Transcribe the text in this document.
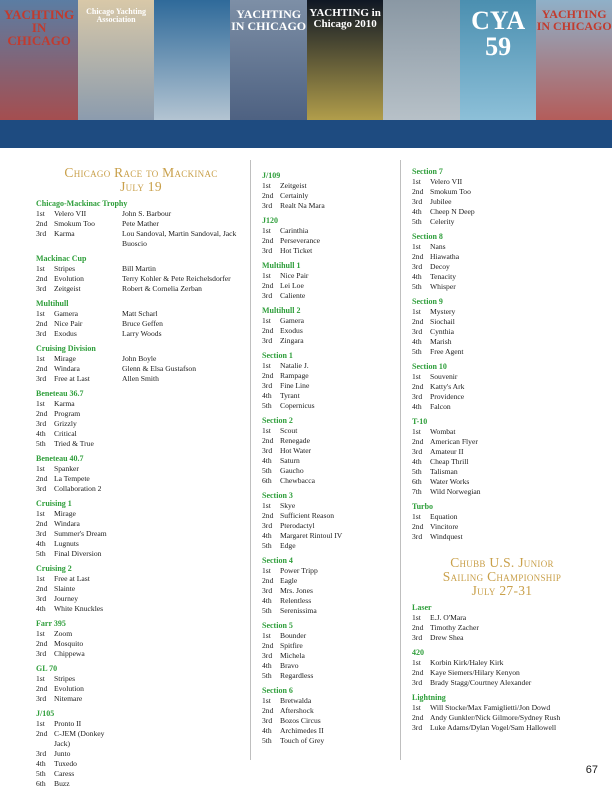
YACHTING IN CHICAGO
Chicago Yachting Association	YACHTING IN CHICAGO
YACHTING in Chicago 2010	CYA 59
YACHTING IN CHICAGO
Chicago Race to Mackinac
July 19
Chicago-Mackinac Trophy
1st	Velero VII	John S. Barbour
2nd Smokum Too	Pete Mather
3rd	Karma	Lou Sandoval, Martin Sandoval, Jack Buoscio
Mackinac Cup
1st	Stripes	Bill Martin
2nd Evolution	Terry Kohler & Pete Reichelsdorfer
3rd	Zeitgeist	Robert & Cornelia Zerban
Multihull
1st	Gamera	Matt Scharl
2nd Nice Pair	Bruce Geffen
3rd	Exodus	Larry Woods
Cruising Division
1st	Mirage	John Boyle
2nd Windara	Glenn & Elsa Gustafson
3rd	Free at Last	Allen Smith
Beneteau 36.7
1st	Karma
2nd Program
3rd	Grizzly
4th	Critical
5th	Tried & True
Beneteau 40.7
1st	Spanker
2nd La Tempete
3rd	Collaboration 2
Cruising 1
1st	Mirage
2nd Windara
3rd	Summer's Dream
4th	Lugnuts
5th	Final Diversion
Cruising 2
1st	Free at Last
2nd Slainte
3rd	Journey
4th	White Knuckles
Farr 395
1st	Zoom
2nd Mosquito
3rd	Chippewa
GL 70
1st	Stripes
2nd Evolution
3rd	Nitemare
J/105
1st	Pronto II
2nd C-JEM (Donkey Jack)
3rd	Junto
4th	Tuxedo
5th	Caress
6th	Buzz
J/109
1st	Zeitgeist
2nd Certainly
3rd	Realt Na Mara
J120
1st	Carinthia
2nd Perseverance
3rd	Hot Ticket
Multihull 1
1st	Nice Pair
2nd Lei Loe
3rd	Caliente
Multihull 2
1st	Gamera
2nd Exodus
3rd	Zingara
Section 1
1st	Natalie J.
2nd Rampage
3rd	Fine Line
4th	Tyrant
5th	Copernicus
Section 2
1st	Scout
2nd Renegade
3rd	Hot Water
4th	Saturn
5th	Gaucho
6th	Chewbacca
Section 3
1st	Skye
2nd Sufficient Reason
3rd	Pterodactyl
4th	Margaret Rintoul IV
5th	Edge
Section 4
1st	Power Tripp
2nd Eagle
3rd	Mrs. Jones
4th	Relentless
5th	Serenissima
Section 5
1st	Bounder
2nd Spitfire
3rd	Michela
4th	Bravo
5th	Regardless
Section 6
1st	Bretwalda
2nd Aftershock
3rd	Bozos Circus
4th	Archimedes II
5th	Touch of Grey
Section 7
1st	Velero VII
2nd Smokum Too
3rd	Jubilee
4th	Cheep N Deep
5th	Celerity
Section 8
1st	Nans
2nd Hiawatha
3rd	Decoy
4th	Tenacity
5th	Whisper
Section 9
1st	Mystery
2nd Siochail
3rd	Cynthia
4th	Marish
5th	Free Agent
Section 10
1st	Souvenir
2nd Katty's Ark
3rd	Providence
4th	Falcon
T-10
1st	Wombat
2nd American Flyer
3rd	Amateur II
4th	Cheap Thrill
5th	Talisman
6th	Water Works
7th	Wild Norwegian
Turbo
1st	Equation
2nd Vincitore
3rd	Windquest
Chubb U.S. Junior
Sailing Championship
July 27-31
Laser
1st	E.J. O'Mara
2nd Timothy Zacher
3rd	Drew Shea
420
1st	Korbin Kirk/Haley Kirk
2nd Kaye Siemers/Hilary Kenyon
3rd	Brady Stagg/Courtney Alexander
Lightning
1st	Will Stocke/Max Famiglietti/Jon Dowd
2nd Andy Gunkler/Nick Gilmore/Sydney Rush
3rd	Luke Adams/Dylan Vogel/Sam Hallowell
67
